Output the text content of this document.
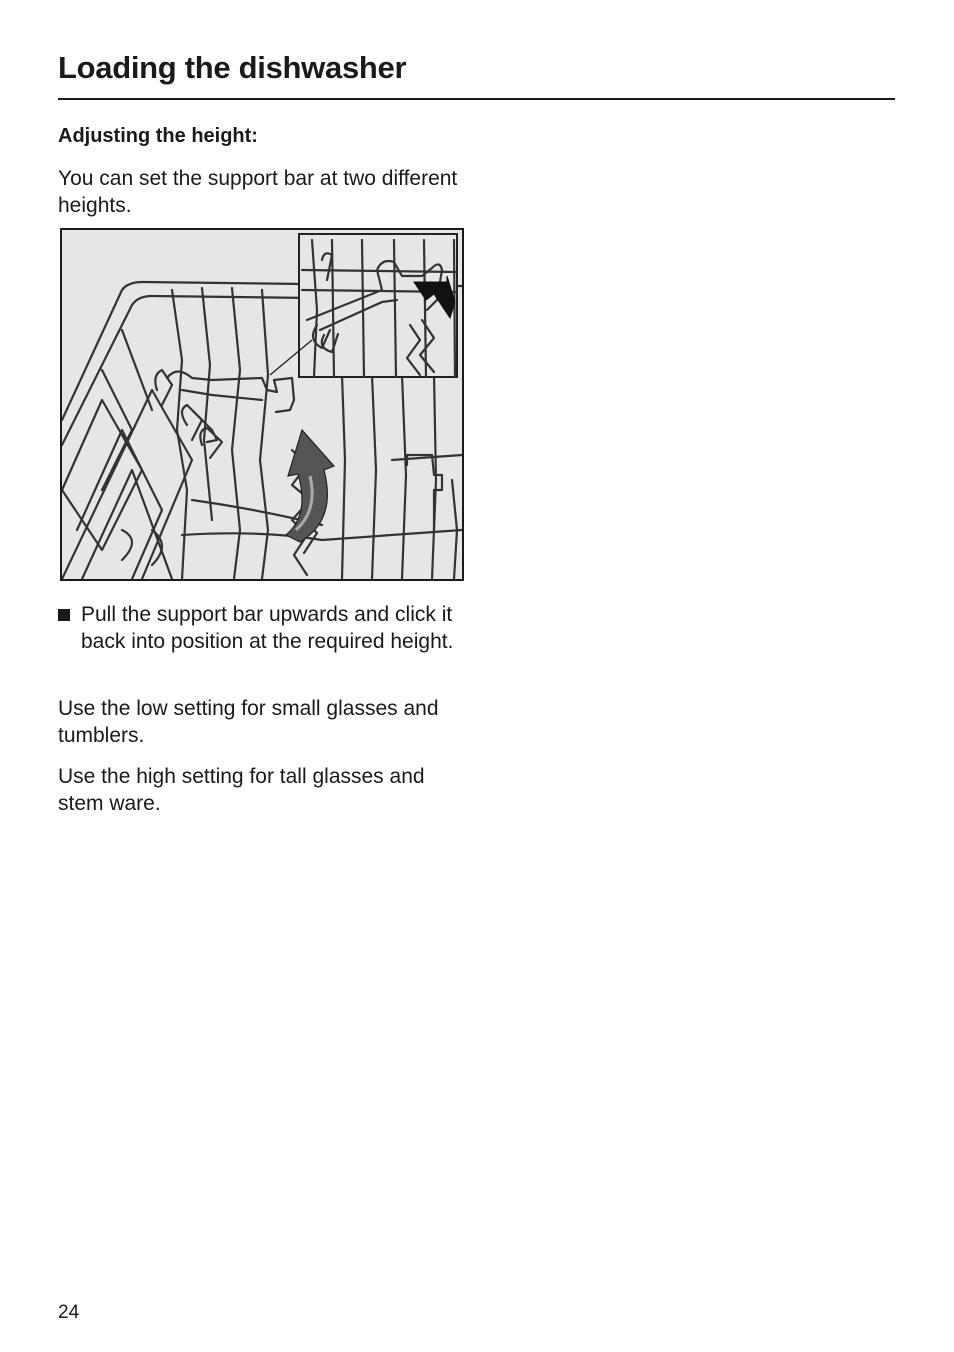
Loading the dishwasher
Adjusting the height:

You can set the support bar at two different heights.

Pull the support bar upwards and click it back into position at the required height.

Use the low setting for small glasses and tumblers.

Use the high setting for tall glasses and stem ware.

24
